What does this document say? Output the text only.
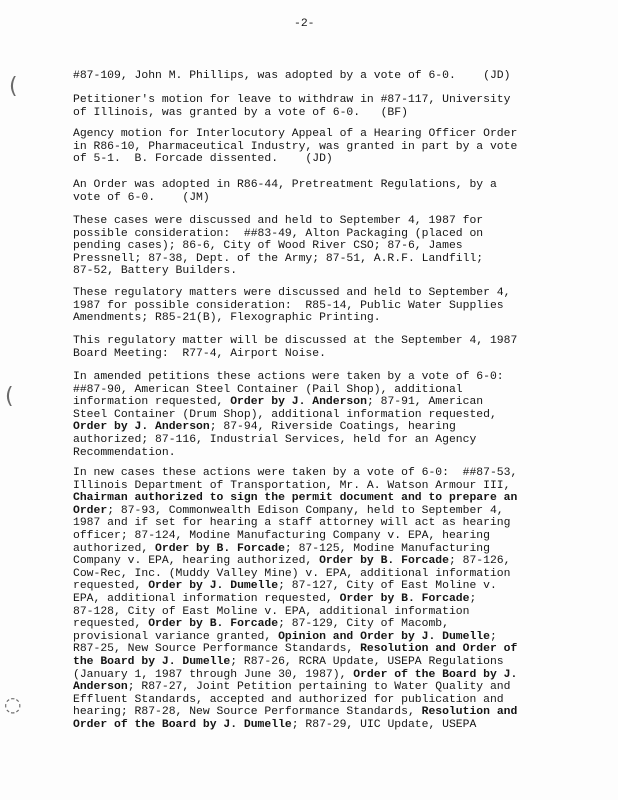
-2-
#87-109, John M. Phillips, was adopted by a vote of 6-0.    (JD)
Petitioner's motion for leave to withdraw in #87-117, University
of Illinois, was granted by a vote of 6-0.   (BF)
Agency motion for Interlocutory Appeal of a Hearing Officer Order
in R86-10, Pharmaceutical Industry, was granted in part by a vote
of 5-1.  B. Forcade dissented.    (JD)
An Order was adopted in R86-44, Pretreatment Regulations, by a
vote of 6-0.    (JM)
These cases were discussed and held to September 4, 1987 for
possible consideration:  ##83-49, Alton Packaging (placed on
pending cases); 86-6, City of Wood River CSO; 87-6, James
Pressnell; 87-38, Dept. of the Army; 87-51, A.R.F. Landfill;
87-52, Battery Builders.
These regulatory matters were discussed and held to September 4,
1987 for possible consideration:  R85-14, Public Water Supplies
Amendments; R85-21(B), Flexographic Printing.
This regulatory matter will be discussed at the September 4, 1987
Board Meeting:  R77-4, Airport Noise.
In amended petitions these actions were taken by a vote of 6-0:
##87-90, American Steel Container (Pail Shop), additional
information requested, Order by J. Anderson; 87-91, American
Steel Container (Drum Shop), additional information requested,
Order by J. Anderson; 87-94, Riverside Coatings, hearing
authorized; 87-116, Industrial Services, held for an Agency
Recommendation.
In new cases these actions were taken by a vote of 6-0:  ##87-53,
Illinois Department of Transportation, Mr. A. Watson Armour III,
Chairman authorized to sign the permit document and to prepare an
Order; 87-93, Commonwealth Edison Company, held to September 4,
1987 and if set for hearing a staff attorney will act as hearing
officer; 87-124, Modine Manufacturing Company v. EPA, hearing
authorized, Order by B. Forcade; 87-125, Modine Manufacturing
Company v. EPA, hearing authorized, Order by B. Forcade; 87-126,
Cow-Rec, Inc. (Muddy Valley Mine) v. EPA, additional information
requested, Order by J. Dumelle; 87-127, City of East Moline v.
EPA, additional information requested, Order by B. Forcade;
87-128, City of East Moline v. EPA, additional information
requested, Order by B. Forcade; 87-129, City of Macomb,
provisional variance granted, Opinion and Order by J. Dumelle;
R87-25, New Source Performance Standards, Resolution and Order of
the Board by J. Dumelle; R87-26, RCRA Update, USEPA Regulations
(January 1, 1987 through June 30, 1987), Order of the Board by J.
Anderson; R87-27, Joint Petition pertaining to Water Quality and
Effluent Standards, accepted and authorized for publication and
hearing; R87-28, New Source Performance Standards, Resolution and
Order of the Board by J. Dumelle; R87-29, UIC Update, USEPA
(
(
◌
